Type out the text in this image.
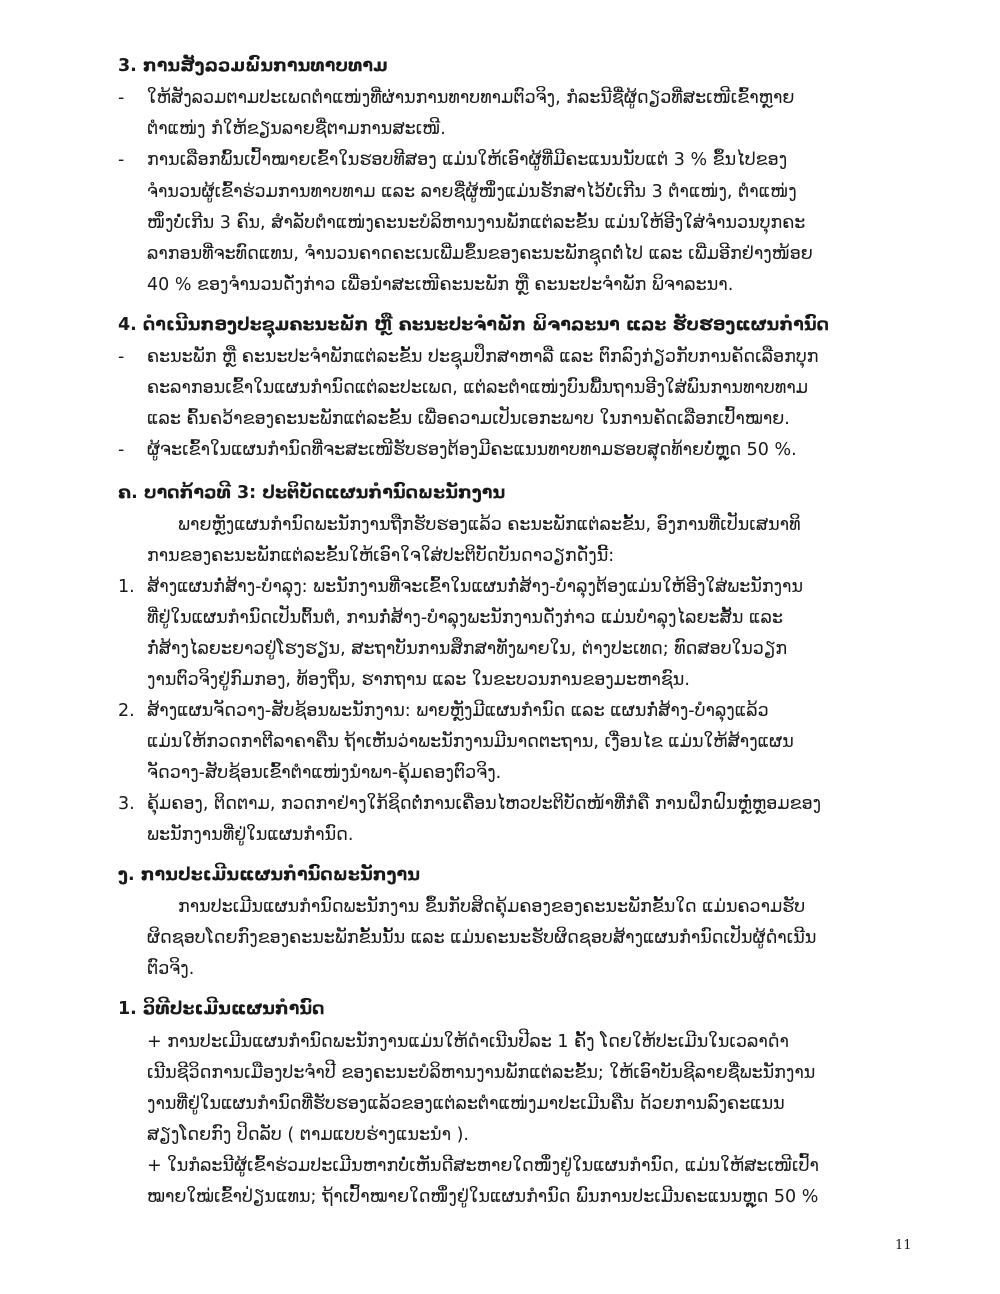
3. ການສັງລວມພົນການທາບທາມ
- ໃຫ້ສັງລວມຕາມປະເພດຕຳແໜ່ງທີ່ຜ່ານການທາບທາມຕົວຈິງ, ກໍລະນີຊື່ຜູ້ດຽວທີ່ສະເໜີເຂົ້າຫຼາຍ
ຕຳແໜ່ງ ກໍໃຫ້ຂຽນລາຍຊື່ຕາມການສະເໜີ.
- ການເລືອກພົ້ນເປົ້າໝາຍເຂົ້າໃນຮອບທີສອງ ແມ່ນໃຫ້ເອົາຜູ້ທີ່ມີຄະແນນນັບແຕ່ 3 % ຂຶ້ນໄປຂອງ
ຈຳນວນຜູ້ເຂົ້າຮ່ວມການທາບທາມ ແລະ ລາຍຊື່ຜູ້ໜຶ່ງແມ່ນຮັກສາໄວ້ບໍ່ເກີນ 3 ຕຳແໜ່ງ, ຕຳແໜ່ງ
ໜຶ່ງບໍ່ເກີນ 3 ຄົນ, ສຳລັບຕຳແໜ່ງຄະນະບໍລິຫານງານພັກແຕ່ລະຂັ້ນ ແມ່ນໃຫ້ອີງໃສ່ຈຳນວນບຸກຄະ
ລາກອນທີ່ຈະທົດແທນ, ຈຳນວນຄາດຄະເນເພີ່ມຂຶ້ນຂອງຄະນະພັກຊຸດຕໍ່ໄປ ແລະ ເພີ່ມອີກຢ່າງໜ້ອຍ
40 % ຂອງຈຳນວນດັ່ງກ່າວ ເພື່ອນຳສະເໜີຄະນະພັກ ຫຼື ຄະນະປະຈຳພັກ ພິຈາລະນາ.
4. ດຳເນີນກອງປະຊຸມຄະນະພັກ ຫຼື ຄະນະປະຈຳພັກ ພິຈາລະນາ ແລະ ຮັບຮອງແຜນກຳນົດ
- ຄະນະພັກ ຫຼື ຄະນະປະຈຳພັກແຕ່ລະຂັ້ນ ປະຊຸມປຶກສາຫາລື ແລະ ຕົກລົງກ່ຽວກັບການຄັດເລືອກບຸກ
ຄະລາກອນເຂົ້າໃນແຜນກຳນົດແຕ່ລະປະເພດ, ແຕ່ລະຕຳແໜ່ງບົນພື້ນຖານອີງໃສ່ພົນການທາບທາມ
ແລະ ຄົ້ນຄວ້າຂອງຄະນະພັກແຕ່ລະຂັ້ນ ເພື່ອຄວາມເປັນເອກະພາບ ໃນການຄັດເລືອກເປົ້າໝາຍ.
- ຜູ້ຈະເຂົ້າໃນແຜນກຳນົດທີ່ຈະສະເໜີຮັບຮອງຕ້ອງມີຄະແນນທາບທາມຮອບສຸດທ້າຍບໍ່ຫຼຸດ 50 %.
ຄ. ບາດກ້າວທີ 3: ປະຕິບັດແຜນກຳນົດພະນັກງານ
ພາຍຫຼັງແຜນກຳນົດພະນັກງານຖືກຮັບຮອງແລ້ວ ຄະນະພັກແຕ່ລະຂັ້ນ, ອົງການທີ່ເປັນເສນາທິ
ການຂອງຄະນະພັກແຕ່ລະຂັ້ນໃຫ້ເອົາໃຈໃສ່ປະຕິບັດບັນດາວຽກດັ່ງນີ້:
1. ສ້າງແຜນກໍ່ສ້າງ-ບຳລຸງ: ພະນັກງານທີ່ຈະເຂົ້າໃນແຜນກໍ່ສ້າງ-ບຳລຸງຕ້ອງແມ່ນໃຫ້ອີງໃສ່ພະນັກງານ
ທີ່ຢູ່ໃນແຜນກຳນົດເປັນຕົ້ນຕໍ, ການກໍ່ສ້າງ-ບຳລຸງພະນັກງານດັ່ງກ່າວ ແມ່ນບຳລຸງໄລຍະສັ້ນ ແລະ
ກໍ່ສ້າງໄລຍະຍາວຢູ່ໂຮງຮຽນ, ສະຖາບັນການສຶກສາທັງພາຍໃນ, ຕ່າງປະເທດ; ທົດສອບໃນວຽກ
ງານຕົວຈິງຢູ່ກົມກອງ, ທ້ອງຖິ່ນ, ຮາກຖານ ແລະ ໃນຂະບວນການຂອງມະຫາຊົນ.
2. ສ້າງແຜນຈັດວາງ-ສັບຊ້ອນພະນັກງານ: ພາຍຫຼັງມີແຜນກຳນົດ ແລະ ແຜນກໍ່ສ້າງ-ບຳລຸງແລ້ວ
ແມ່ນໃຫ້ກວດກາຕີລາຄາຄືນ ຖ້າເຫັນວ່າພະນັກງານມີນາດຕະຖານ, ເງື່ອນໄຂ ແມ່ນໃຫ້ສ້າງແຜນ
ຈັດວາງ-ສັບຊ້ອນເຂົ້າຕຳແໜ່ງນຳພາ-ຄຸ້ມຄອງຕົວຈິງ.
3. ຄຸ້ມຄອງ, ຕິດຕາມ, ກວດກາຢ່າງໃກ້ຊິດຕໍ່ການເຄື່ອນໄຫວປະຕິບັດໜ້າທີ່ກໍຄື ການຝຶກຝົນຫຼໍ່ຫຼອມຂອງ
ພະນັກງານທີ່ຢູ່ໃນແຜນກຳນົດ.
ງ. ການປະເມີນແຜນກຳນົດພະນັກງານ
ການປະເມີນແຜນກຳນົດພະນັກງານ ຂຶ້ນກັບສິດຄຸ້ມຄອງຂອງຄະນະພັກຂັ້ນໃດ ແມ່ນຄວາມຮັບ
ຜິດຊອບໂດຍກົງຂອງຄະນະພັກຂັ້ນນັ້ນ ແລະ ແມ່ນຄະນະຮັບຜິດຊອບສ້າງແຜນກຳນົດເປັນຜູ້ດຳເນີນ
ຕົວຈິງ.
1. ວິທີປະເມີນແຜນກຳນົດ
+ ການປະເມີນແຜນກຳນົດພະນັກງານແມ່ນໃຫ້ດຳເນີນປີລະ 1 ຄັ້ງ ໂດຍໃຫ້ປະເມີນໃນເວລາດຳ
ເນີນຊີວິດການເມືອງປະຈຳປີ ຂອງຄະນະບໍລິຫານງານພັກແຕ່ລະຂັ້ນ; ໃຫ້ເອົາບັນຊີລາຍຊື່ພະນັກງານ
ງານທີ່ຢູ່ໃນແຜນກຳນົດທີ່ຮັບຮອງແລ້ວຂອງແຕ່ລະຕຳແໜ່ງມາປະເມີນຄືນ ດ້ວຍການລົງຄະແນນ
ສຽງໂດຍກົງ ປິດລັບ ( ຕາມແບບຮ່າງແນະນຳ ).
+ ໃນກໍລະນີຜູ້ເຂົ້າຮ່ວມປະເມີນຫາກບໍ່ເຫັນດີສະຫາຍໃດໜຶ່ງຢູ່ໃນແຜນກຳນົດ, ແມ່ນໃຫ້ສະເໜີເປົ້າ
ໝາຍໃໝ່ເຂົ້າປ່ຽນແທນ; ຖ້າເປົ້າໝາຍໃດໜຶ່ງຢູ່ໃນແຜນກຳນົດ ພົນການປະເມີນຄະແນນຫຼຸດ 50 %
11
